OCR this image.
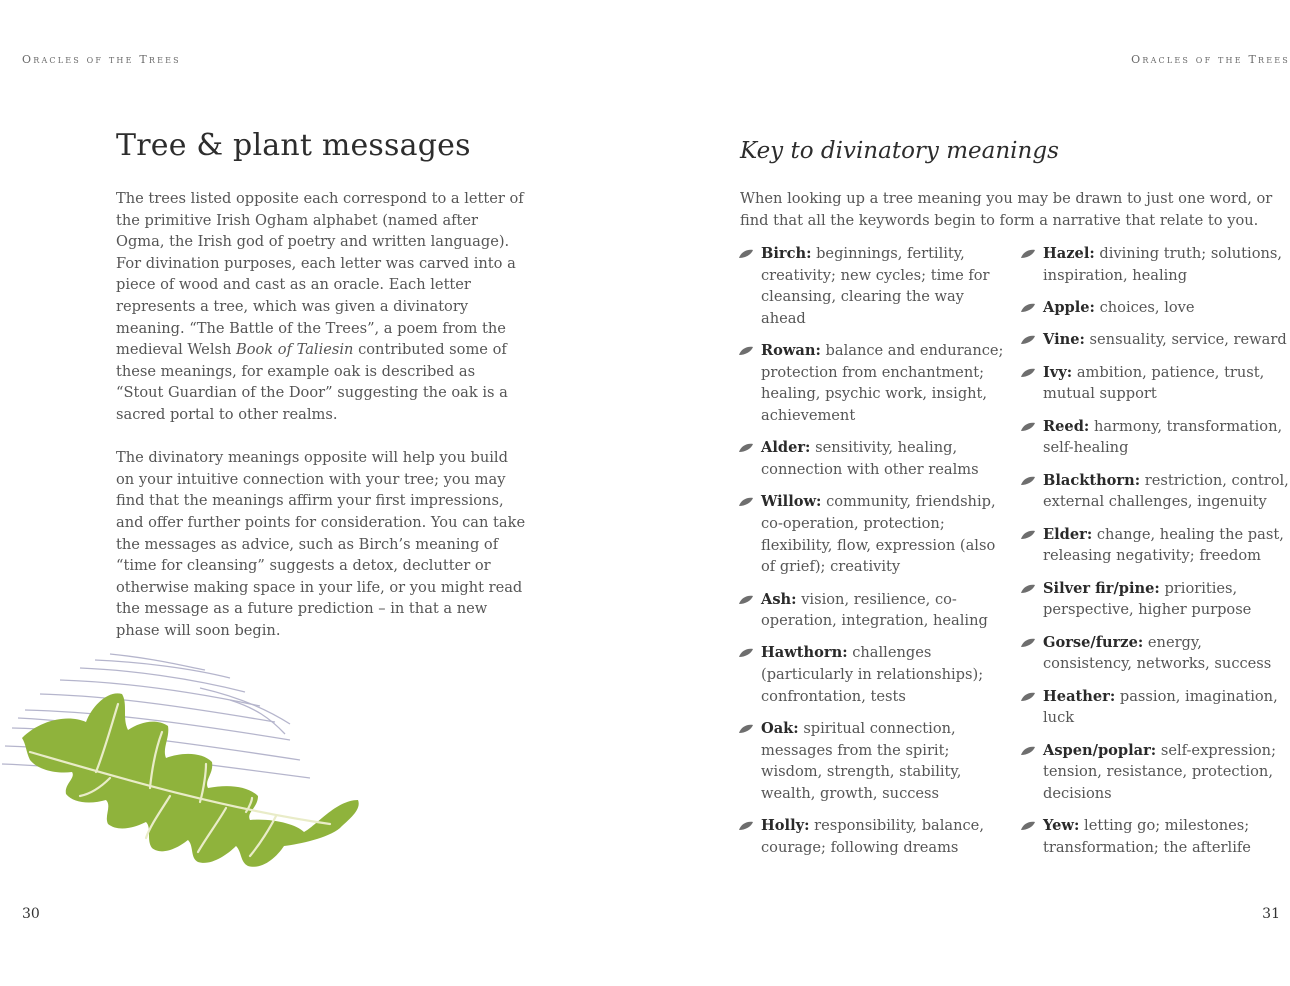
Oracles of the Trees	Oracles of the Trees
Tree & plant messages

The trees listed opposite each correspond to a letter of the primitive Irish Ogham alphabet (named after Ogma, the Irish god of poetry and written language). For divination purposes, each letter was carved into a piece of wood and cast as an oracle. Each letter represents a tree, which was given a divinatory meaning. “The Battle of the Trees”, a poem from the medieval Welsh Book of Taliesin contributed some of these meanings, for example oak is described as “Stout Guardian of the Door” suggesting the oak is a sacred portal to other realms.

The divinatory meanings opposite will help you build on your intuitive connection with your tree; you may find that the meanings affirm your first impressions, and offer further points for consideration. You can take the messages as advice, such as Birch’s meaning of “time for cleansing” suggests a detox, declutter or otherwise making space in your life, or you might read the message as a future prediction – in that a new phase will soon begin.

30
Key to divinatory meanings

When looking up a tree meaning you may be drawn to just one word, or find that all the keywords begin to form a narrative that relate to you.

Birch: beginnings, fertility, creativity; new cycles; time for cleansing, clearing the way ahead
Rowan: balance and endurance; protection from enchantment; healing, psychic work, insight, achievement
Alder: sensitivity, healing, connection with other realms
Willow: community, friendship, co-operation, protection; flexibility, flow, expression (also of grief); creativity
Ash: vision, resilience, co-operation, integration, healing
Hawthorn: challenges (particularly in relationships); confrontation, tests
Oak: spiritual connection, messages from the spirit; wisdom, strength, stability, wealth, growth, success
Holly: responsibility, balance, courage; following dreams
Hazel: divining truth; solutions, inspiration, healing
Apple: choices, love
Vine: sensuality, service, reward
Ivy: ambition, patience, trust, mutual support
Reed: harmony, transformation, self-healing
Blackthorn: restriction, control, external challenges, ingenuity
Elder: change, healing the past, releasing negativity; freedom
Silver fir/pine: priorities, perspective, higher purpose
Gorse/furze: energy, consistency, networks, success
Heather: passion, imagination, luck
Aspen/poplar: self-expression; tension, resistance, protection, decisions
Yew: letting go; milestones; transformation; the afterlife
31
